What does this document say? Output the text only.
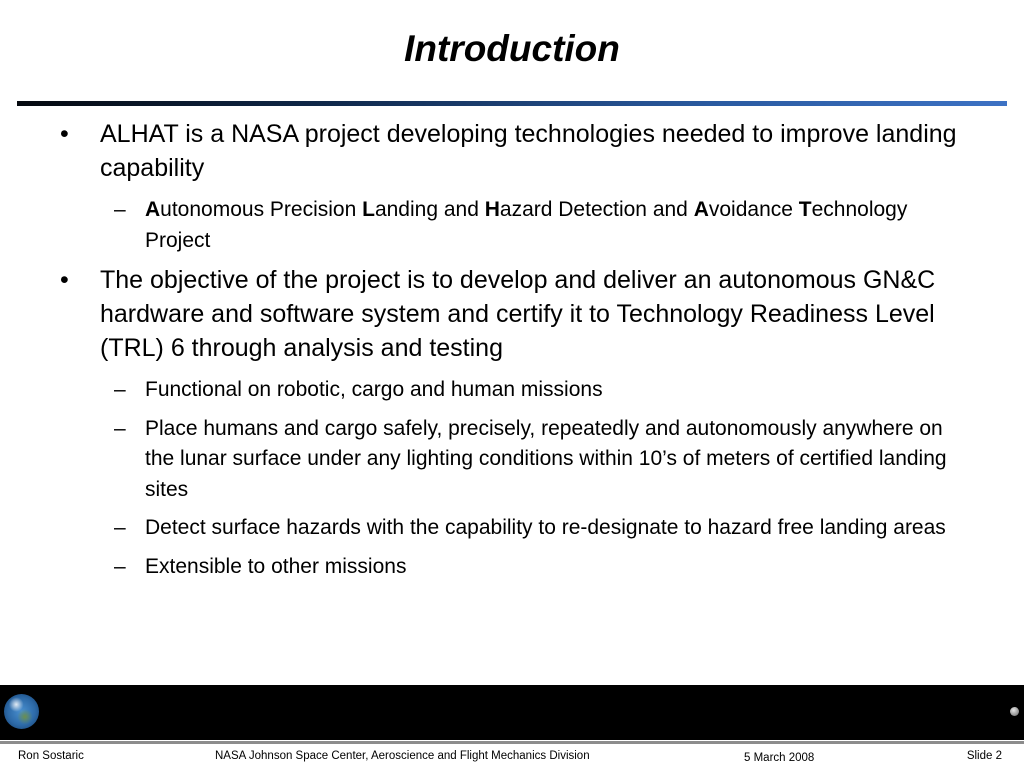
Introduction
• ALHAT is a NASA project developing technologies needed to improve landing capability
– Autonomous Precision Landing and Hazard Detection and Avoidance Technology Project
• The objective of the project is to develop and deliver an autonomous GN&C hardware and software system and certify it to Technology Readiness Level (TRL) 6 through analysis and testing
– Functional on robotic, cargo and human missions
– Place humans and cargo safely, precisely, repeatedly and autonomously anywhere on the lunar surface under any lighting conditions within 10’s of meters of certified landing sites
– Detect surface hazards with the capability to re-designate to hazard free landing areas
– Extensible to other missions
Ron Sostaric	NASA Johnson Space Center, Aeroscience and Flight Mechanics Division	5 March 2008	Slide 2
